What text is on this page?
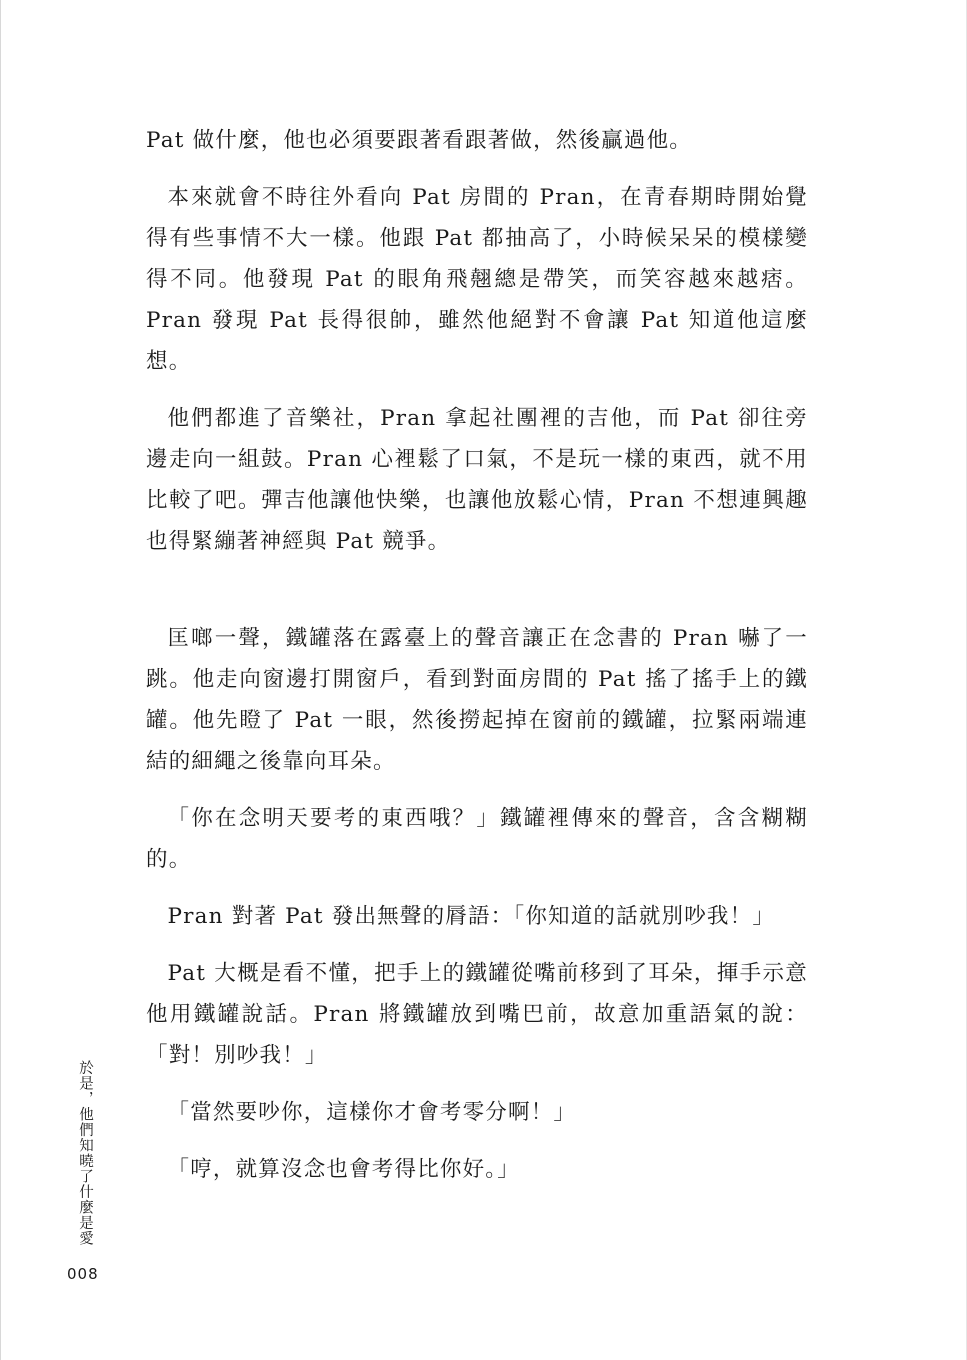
Pat 做什麼，他也必須要跟著看跟著做，然後贏過他。

本來就會不時往外看向 Pat 房間的 Pran，在青春期時開始覺得有些事情不大一樣。他跟 Pat 都抽高了，小時候呆呆的模樣變得不同。他發現 Pat 的眼角飛翹總是帶笑，而笑容越來越痞。Pran 發現 Pat 長得很帥，雖然他絕對不會讓 Pat 知道他這麼想。

他們都進了音樂社，Pran 拿起社團裡的吉他，而 Pat 卻往旁邊走向一組鼓。Pran 心裡鬆了口氣，不是玩一樣的東西，就不用比較了吧。彈吉他讓他快樂，也讓他放鬆心情，Pran 不想連興趣也得緊繃著神經與 Pat 競爭。

匡啷一聲，鐵罐落在露臺上的聲音讓正在念書的 Pran 嚇了一跳。他走向窗邊打開窗戶，看到對面房間的 Pat 搖了搖手上的鐵罐。他先瞪了 Pat 一眼，然後撈起掉在窗前的鐵罐，拉緊兩端連結的細繩之後靠向耳朵。

「你在念明天要考的東西哦？」鐵罐裡傳來的聲音，含含糊糊的。

Pran 對著 Pat 發出無聲的脣語：「你知道的話就別吵我！」

Pat 大概是看不懂，把手上的鐵罐從嘴前移到了耳朵，揮手示意他用鐵罐說話。Pran 將鐵罐放到嘴巴前，故意加重語氣的說：「對！別吵我！」

「當然要吵你，這樣你才會考零分啊！」

「哼，就算沒念也會考得比你好。」

於是，他們知曉了什麼是愛
008
